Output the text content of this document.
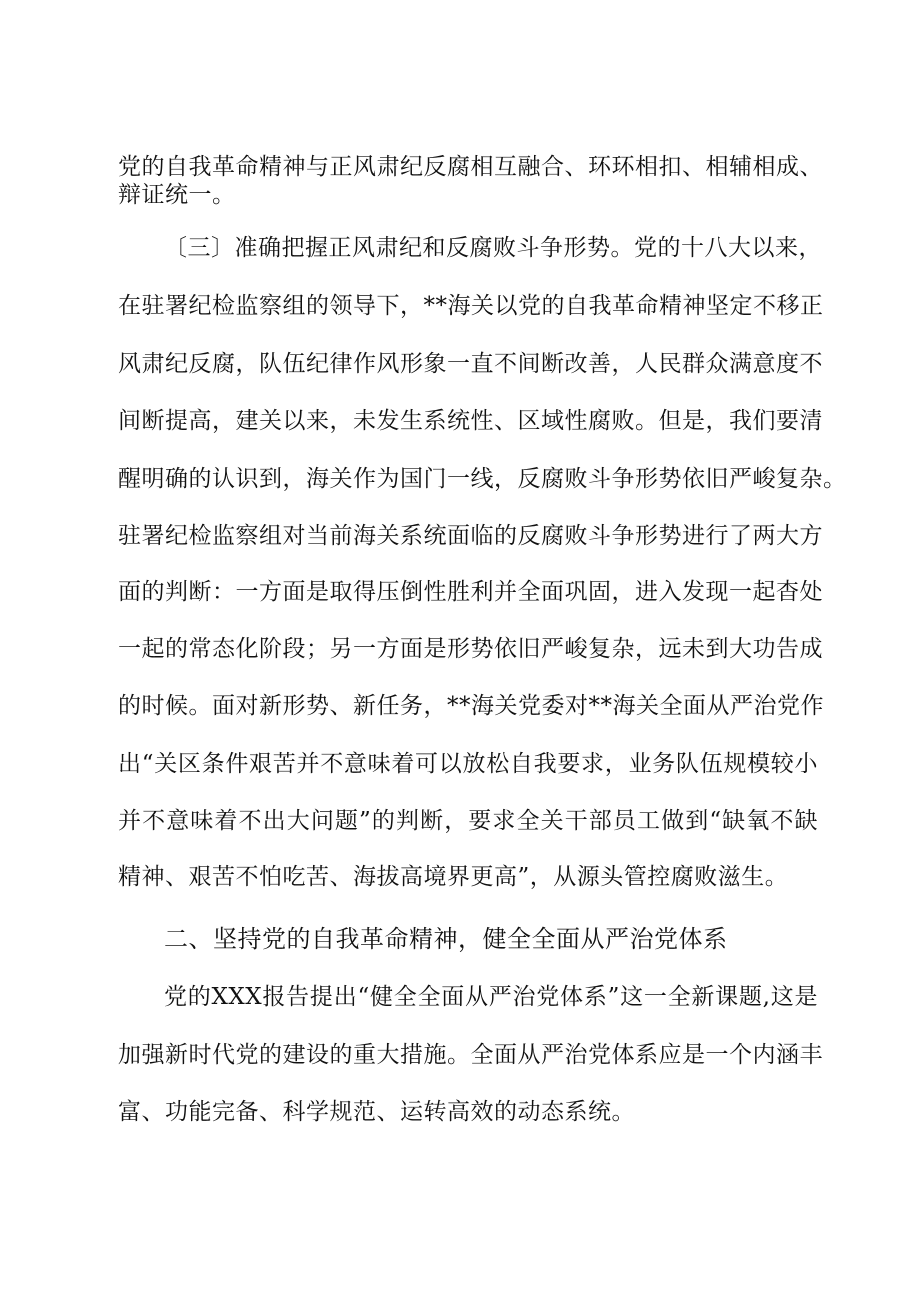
党的自我革命精神与正风肃纪反腐相互融合、环环相扣、相辅相成、
辩证统一。
〔三〕准确把握正风肃纪和反腐败斗争形势。党的十八大以来，
在驻署纪检监察组的领导下，**海关以党的自我革命精神坚定不移正
风肃纪反腐，队伍纪律作风形象一直不间断改善，人民群众满意度不
间断提高，建关以来，未发生系统性、区域性腐败。但是，我们要清
醒明确的认识到，海关作为国门一线，反腐败斗争形势依旧严峻复杂。
驻署纪检监察组对当前海关系统面临的反腐败斗争形势进行了两大方
面的判断：一方面是取得压倒性胜利并全面巩固，进入发现一起杳处
一起的常态化阶段；另一方面是形势依旧严峻复杂，远未到大功告成
的时候。面对新形势、新任务，**海关党委对**海关全面从严治党作
出“关区条件艰苦并不意味着可以放松自我要求，业务队伍规模较小
并不意味着不出大问题”的判断，要求全关干部员工做到“缺氧不缺
精神、艰苦不怕吃苦、海拔高境界更高”，从源头管控腐败滋生。
二、坚持党的自我革命精神，健全全面从严治党体系
党的XXX报告提出“健全全面从严治党体系”这一全新课题,这是
加强新时代党的建设的重大措施。全面从严治党体系应是一个内涵丰
富、功能完备、科学规范、运转高效的动态系统。
